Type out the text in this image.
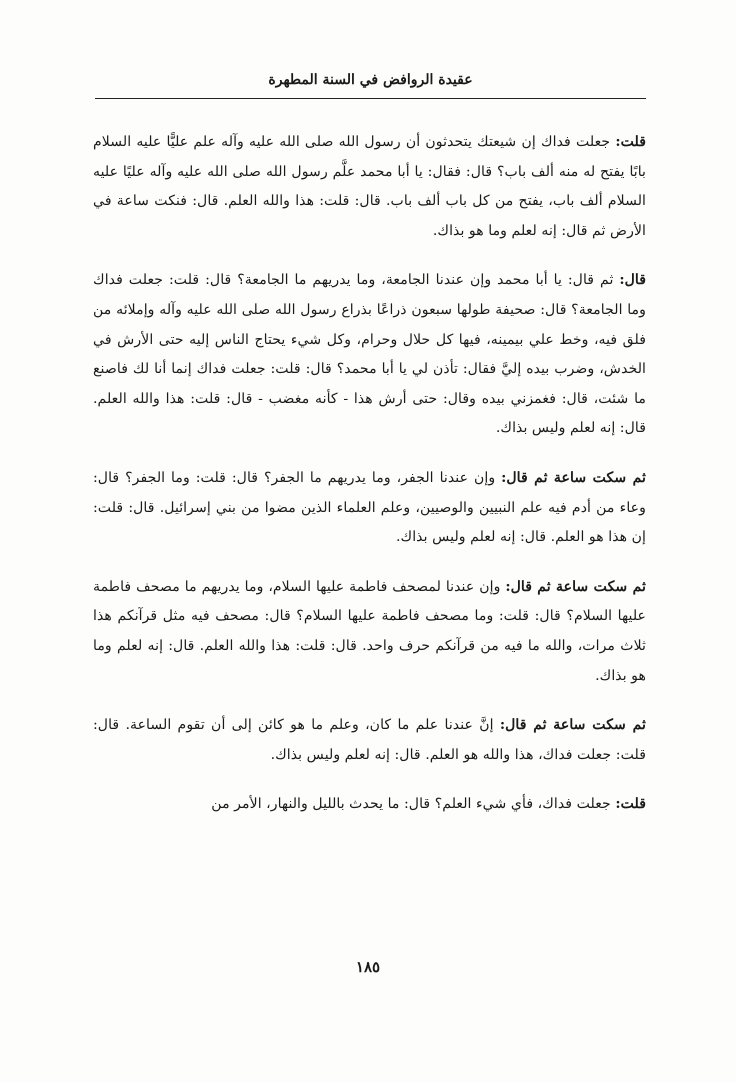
عقيدة الروافض في السنة المطهرة

قلت: جعلت فداك إن شيعتك يتحدثون أن رسول الله صلى الله عليه وآله علم عليًّا عليه السلام بابًا يفتح له منه ألف باب؟ قال: فقال: يا أبا محمد علَّم رسول الله صلى الله عليه وآله عليًا عليه السلام ألف باب، يفتح من كل باب ألف باب. قال: قلت: هذا والله العلم. قال: فنكت ساعة في الأرض ثم قال: إنه لعلم وما هو بذاك.

قال: ثم قال: يا أبا محمد وإن عندنا الجامعة، وما يدريهم ما الجامعة؟ قال: قلت: جعلت فداك وما الجامعة؟ قال: صحيفة طولها سبعون ذراعًا بذراع رسول الله صلى الله عليه وآله وإملائه من فلق فيه، وخط علي بيمينه، فيها كل حلال وحرام، وكل شيء يحتاج الناس إليه حتى الأرش في الخدش، وضرب بيده إليَّ فقال: تأذن لي يا أبا محمد؟ قال: قلت: جعلت فداك إنما أنا لك فاصنع ما شئت، قال: فغمزني بيده وقال: حتى أرش هذا - كأنه مغضب - قال: قلت: هذا والله العلم. قال: إنه لعلم وليس بذاك.

ثم سكت ساعة ثم قال: وإن عندنا الجفر، وما يدريهم ما الجفر؟ قال: قلت: وما الجفر؟ قال: وعاء من أدم فيه علم النبيين والوصيين، وعلم العلماء الذين مضوا من بني إسرائيل. قال: قلت: إن هذا هو العلم. قال: إنه لعلم وليس بذاك.

ثم سكت ساعة ثم قال: وإن عندنا لمصحف فاطمة عليها السلام، وما يدريهم ما مصحف فاطمة عليها السلام؟ قال: قلت: وما مصحف فاطمة عليها السلام؟ قال: مصحف فيه مثل قرآنكم هذا ثلاث مرات، والله ما فيه من قرآنكم حرف واحد. قال: قلت: هذا والله العلم. قال: إنه لعلم وما هو بذاك.

ثم سكت ساعة ثم قال: إنَّ عندنا علم ما كان، وعلم ما هو كائن إلى أن تقوم الساعة. قال: قلت: جعلت فداك، هذا والله هو العلم. قال: إنه لعلم وليس بذاك.

قلت: جعلت فداك، فأي شيء العلم؟ قال: ما يحدث بالليل والنهار، الأمر من

١٨٥
